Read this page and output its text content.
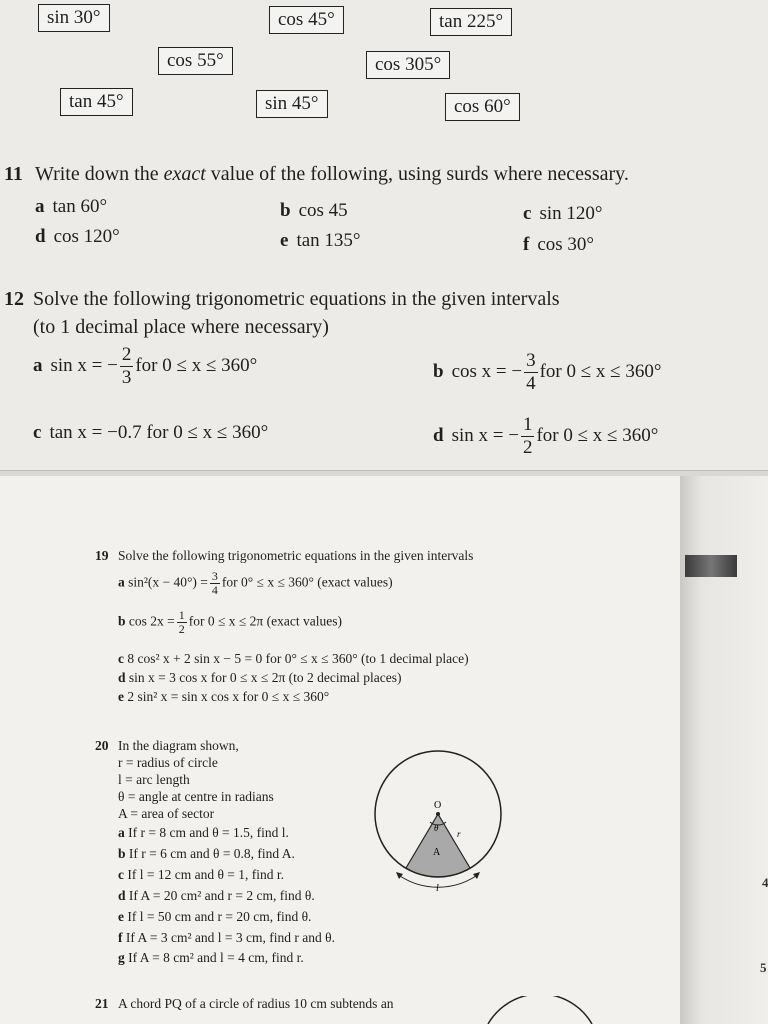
sin 30°	cos 45°	tan 225°
cos 55°	cos 305°
tan 45°	sin 45°	cos 60°
11 Write down the exact value of the following, using surds where necessary.
a tan 60°	b cos 45	c sin 120°
d cos 120°	e tan 135°	f cos 30°
12 Solve the following trigonometric equations in the given intervals
(to 1 decimal place where necessary)
a sin x = − $\frac{2}{3}$ for 0 ≤ x ≤ 360°	b cos x = − $\frac{3}{4}$ for 0 ≤ x ≤ 360°
c tan x = −0.7 for 0 ≤ x ≤ 360°	d sin x = − $\frac{1}{2}$ for 0 ≤ x ≤ 360°
19 Solve the following trigonometric equations in the given intervals
a $\sin^2(x - 40^\circ) = \frac{3}{4}$ for 0° ≤ x ≤ 360° (exact values)
b $\cos 2x = \frac{1}{2}$ for 0 ≤ x ≤ 2π (exact values)
c 8 cos² x + 2 sin x − 5 = 0 for 0° ≤ x ≤ 360° (to 1 decimal place)
d sin x = 3 cos x for 0 ≤ x ≤ 2π (to 2 decimal places)
e 2 sin² x = sin x cos x for 0 ≤ x ≤ 360°
20 In the diagram shown,
r = radius of circle
l = arc length
θ = angle at centre in radians
A = area of sector
a If r = 8 cm and θ = 1.5, find l.
b If r = 6 cm and θ = 0.8, find A.
c If l = 12 cm and θ = 1, find r.
d If A = 20 cm² and r = 2 cm, find θ.
e If l = 50 cm and r = 20 cm, find θ.
f If A = 3 cm² and l = 3 cm, find r and θ.
g If A = 8 cm² and l = 4 cm, find r.
O
θ
r
A
l
21 A chord PQ of a circle of radius 10 cm subtends an
4
5
